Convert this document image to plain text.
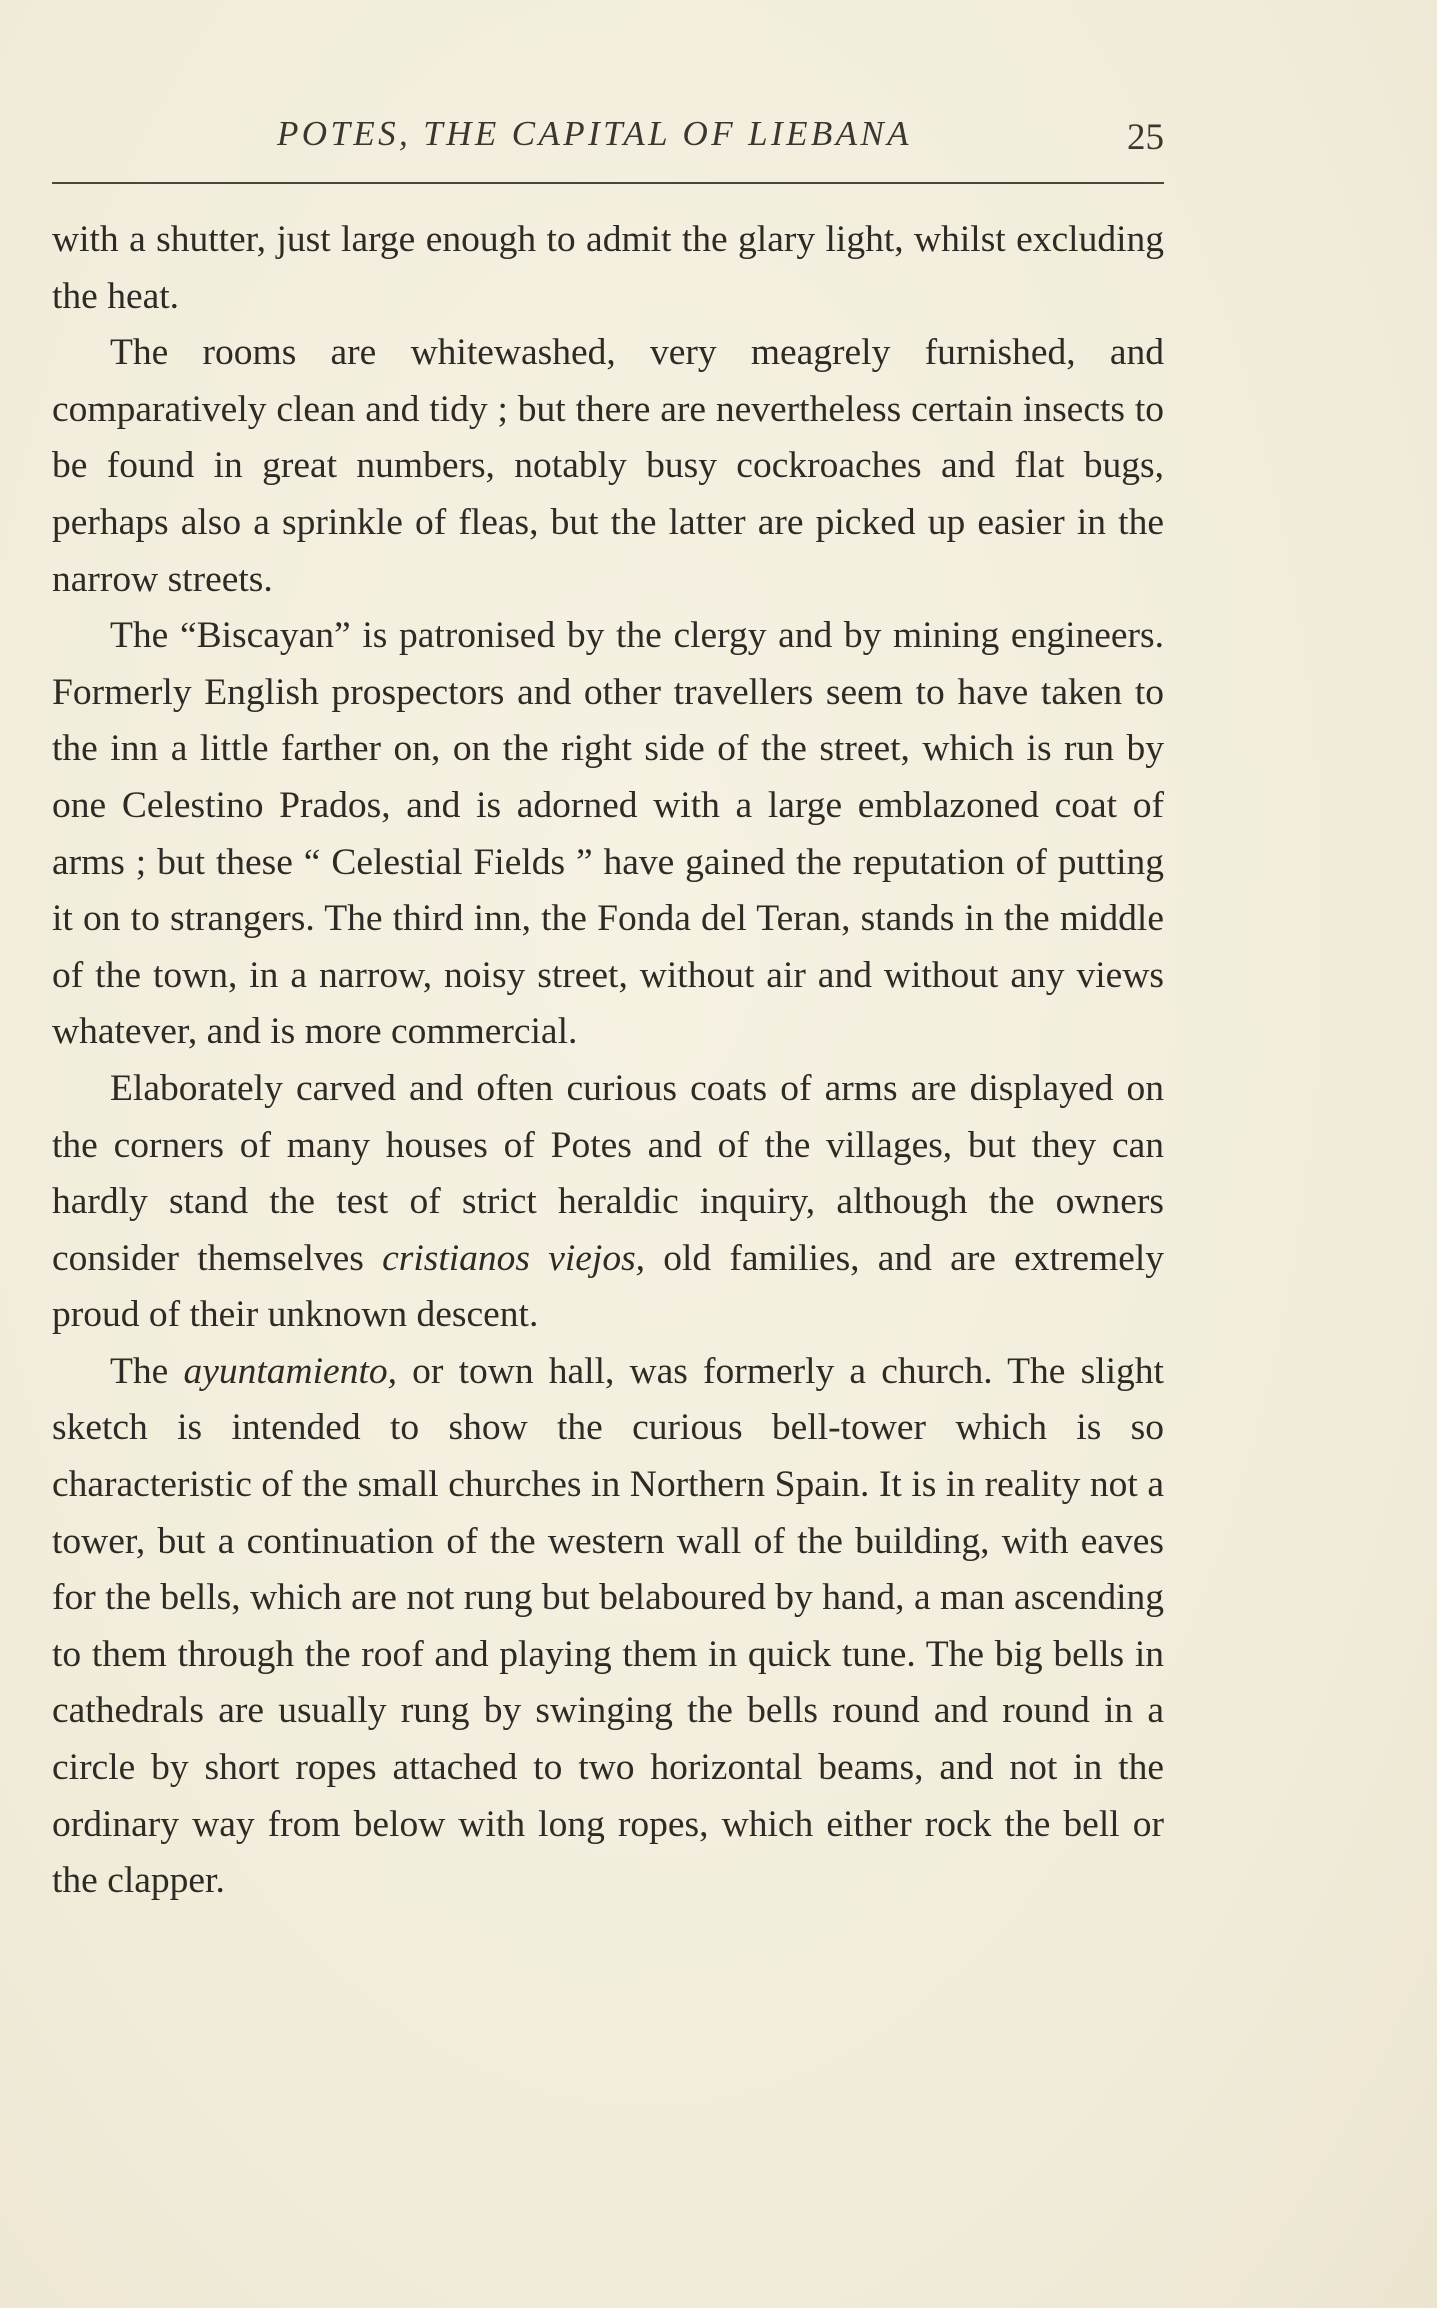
POTES, THE CAPITAL OF LIEBANA	25

with a shutter, just large enough to admit the glary light, whilst excluding the heat.

The rooms are whitewashed, very meagrely furnished, and comparatively clean and tidy ; but there are nevertheless certain insects to be found in great numbers, notably busy cockroaches and flat bugs, perhaps also a sprinkle of fleas, but the latter are picked up easier in the narrow streets.

The “Biscayan” is patronised by the clergy and by mining engineers. Formerly English prospectors and other travellers seem to have taken to the inn a little farther on, on the right side of the street, which is run by one Celestino Prados, and is adorned with a large emblazoned coat of arms ; but these “ Celestial Fields ” have gained the reputation of putting it on to strangers. The third inn, the Fonda del Teran, stands in the middle of the town, in a narrow, noisy street, without air and without any views whatever, and is more commercial.

Elaborately carved and often curious coats of arms are displayed on the corners of many houses of Potes and of the villages, but they can hardly stand the test of strict heraldic inquiry, although the owners consider themselves cristianos viejos, old families, and are extremely proud of their unknown descent.

The ayuntamiento, or town hall, was formerly a church. The slight sketch is intended to show the curious bell-tower which is so characteristic of the small churches in Northern Spain. It is in reality not a tower, but a continuation of the western wall of the building, with eaves for the bells, which are not rung but belaboured by hand, a man ascending to them through the roof and playing them in quick tune. The big bells in cathedrals are usually rung by swinging the bells round and round in a circle by short ropes attached to two horizontal beams, and not in the ordinary way from below with long ropes, which either rock the bell or the clapper.
